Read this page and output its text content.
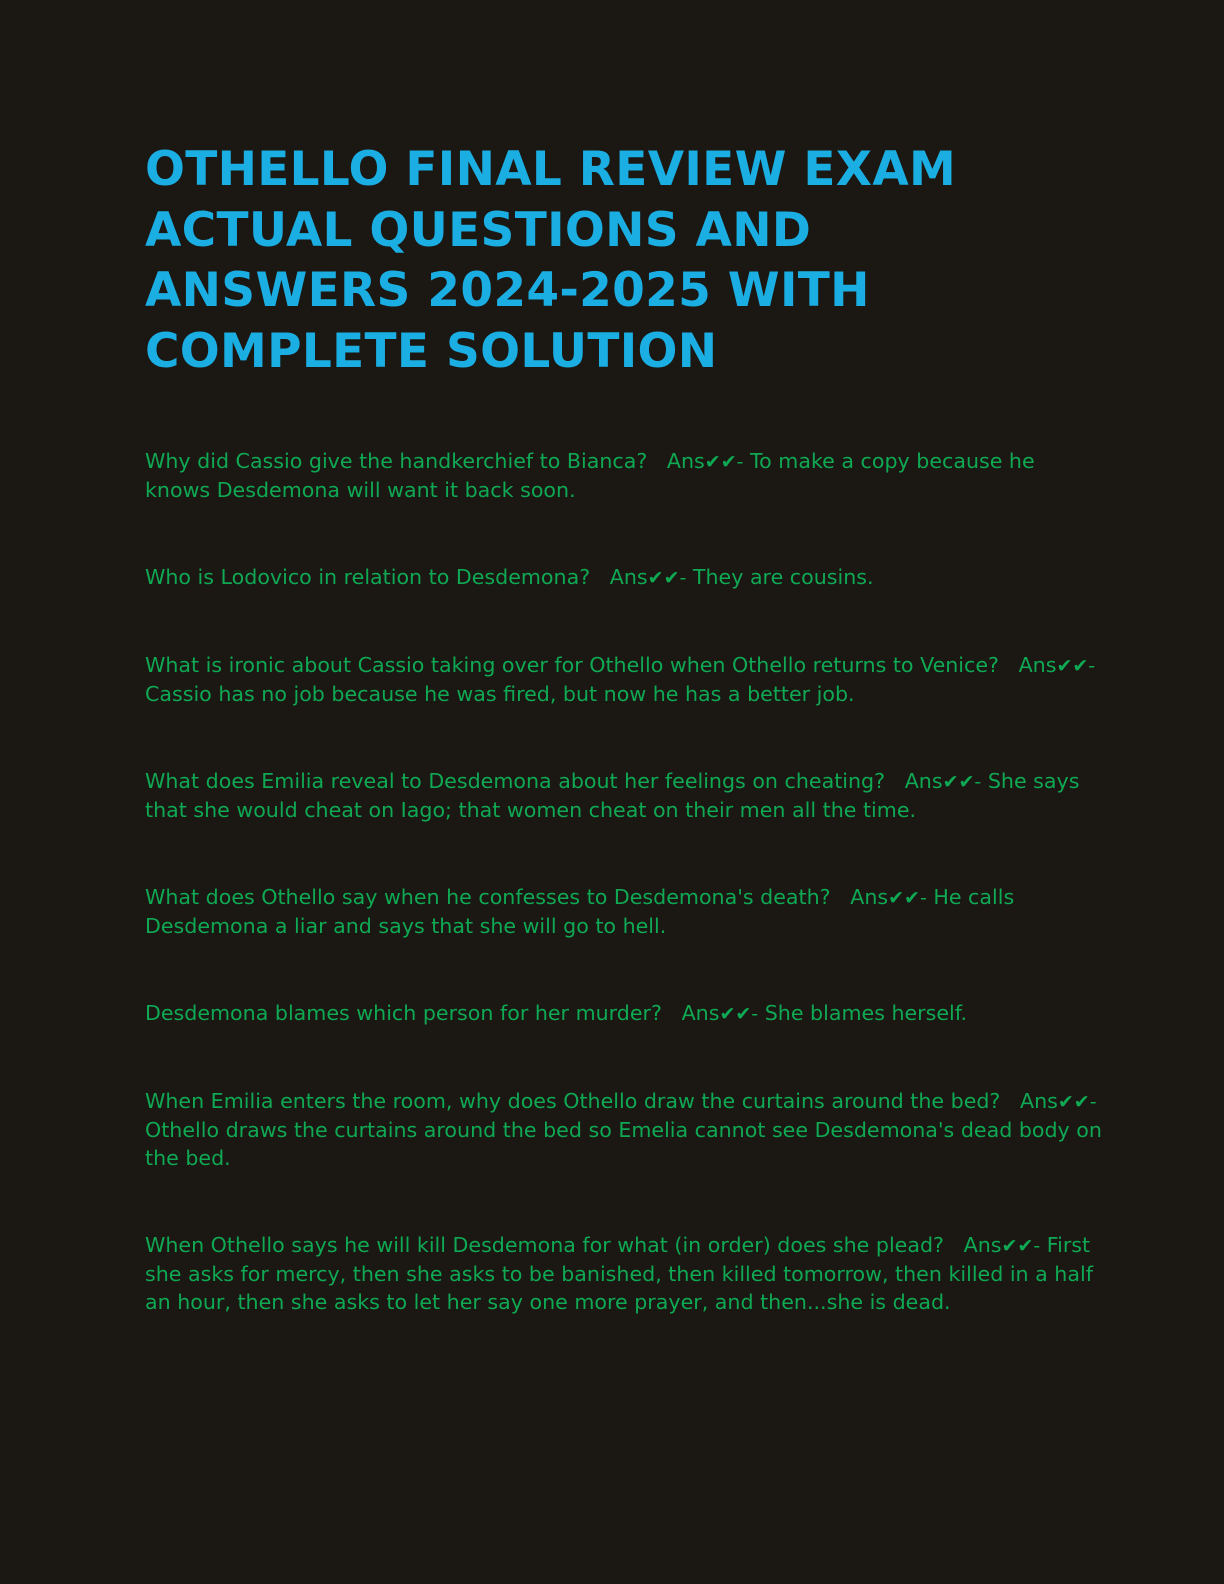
OTHELLO FINAL REVIEW EXAM ACTUAL QUESTIONS AND ANSWERS 2024-2025 WITH COMPLETE SOLUTION

Why did Cassio give the handkerchief to Bianca? Ans✔✔- To make a copy because he knows Desdemona will want it back soon.

Who is Lodovico in relation to Desdemona? Ans✔✔- They are cousins.

What is ironic about Cassio taking over for Othello when Othello returns to Venice? Ans✔✔- Cassio has no job because he was fired, but now he has a better job.

What does Emilia reveal to Desdemona about her feelings on cheating? Ans✔✔- She says that she would cheat on Iago; that women cheat on their men all the time.

What does Othello say when he confesses to Desdemona's death? Ans✔✔- He calls Desdemona a liar and says that she will go to hell.

Desdemona blames which person for her murder? Ans✔✔- She blames herself.

When Emilia enters the room, why does Othello draw the curtains around the bed? Ans✔✔- Othello draws the curtains around the bed so Emelia cannot see Desdemona's dead body on the bed.

When Othello says he will kill Desdemona for what (in order) does she plead? Ans✔✔- First she asks for mercy, then she asks to be banished, then killed tomorrow, then killed in a half an hour, then she asks to let her say one more prayer, and then...she is dead.
